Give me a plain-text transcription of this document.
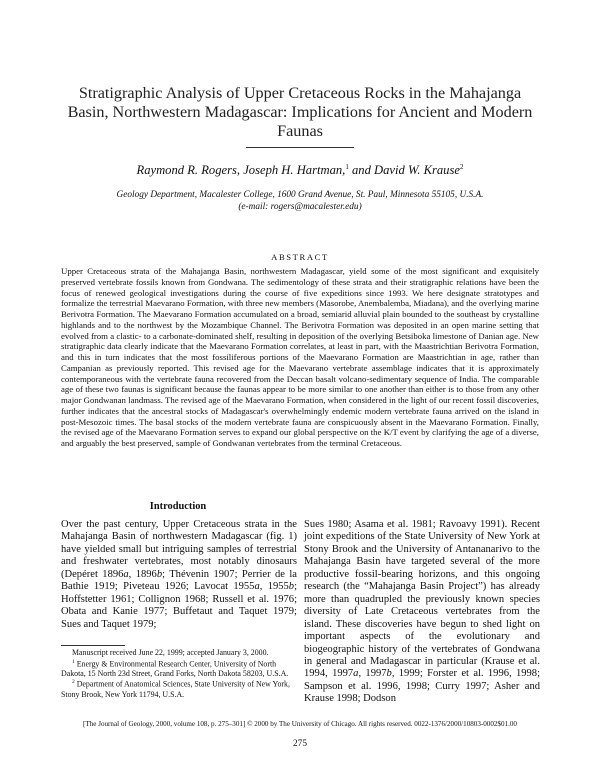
Stratigraphic Analysis of Upper Cretaceous Rocks in the Mahajanga Basin, Northwestern Madagascar: Implications for Ancient and Modern Faunas
Raymond R. Rogers, Joseph H. Hartman,$^1$ and David W. Krause$^2$
Geology Department, Macalester College, 1600 Grand Avenue, St. Paul, Minnesota 55105, U.S.A.
(e-mail: rogers@macalester.edu)
ABSTRACT
Upper Cretaceous strata of the Mahajanga Basin, northwestern Madagascar, yield some of the most significant and exquisitely preserved vertebrate fossils known from Gondwana. The sedimentology of these strata and their stratigraphic relations have been the focus of renewed geological investigations during the course of five expeditions since 1993. We here designate stratotypes and formalize the terrestrial Maevarano Formation, with three new members (Masorobe, Anembalemba, Miadana), and the overlying marine Berivotra Formation. The Maevarano Formation accumulated on a broad, semiarid alluvial plain bounded to the southeast by crystalline highlands and to the northwest by the Mozambique Channel. The Berivotra Formation was deposited in an open marine setting that evolved from a clastic- to a carbonate-dominated shelf, resulting in deposition of the overlying Betsiboka limestone of Danian age. New stratigraphic data clearly indicate that the Maevarano Formation correlates, at least in part, with the Maastrichtian Berivotra Formation, and this in turn indicates that the most fossiliferous portions of the Maevarano Formation are Maastrichtian in age, rather than Campanian as previously reported. This revised age for the Maevarano vertebrate assemblage indicates that it is approximately contemporaneous with the vertebrate fauna recovered from the Deccan basalt volcano-sedimentary sequence of India. The comparable age of these two faunas is significant because the faunas appear to be more similar to one another than either is to those from any other major Gondwanan landmass. The revised age of the Maevarano Formation, when considered in the light of our recent fossil discoveries, further indicates that the ancestral stocks of Madagascar's overwhelmingly endemic modern vertebrate fauna arrived on the island in post-Mesozoic times. The basal stocks of the modern vertebrate fauna are conspicuously absent in the Maevarano Formation. Finally, the revised age of the Maevarano Formation serves to expand our global perspective on the K/T event by clarifying the age of a diverse, and arguably the best preserved, sample of Gondwanan vertebrates from the terminal Cretaceous.
Introduction
Over the past century, Upper Cretaceous strata in the Mahajanga Basin of northwestern Madagascar (fig. 1) have yielded small but intriguing samples of terrestrial and freshwater vertebrates, most notably dinosaurs (Depéret 1896a, 1896b; Thévenin 1907; Perrier de la Bathie 1919; Piveteau 1926; Lavocat 1955a, 1955b; Hoffstetter 1961; Collignon 1968; Russell et al. 1976; Obata and Kanie 1977; Buffetaut and Taquet 1979; Sues and Taquet 1979;
Sues 1980; Asama et al. 1981; Ravoavy 1991). Recent joint expeditions of the State University of New York at Stony Brook and the University of Antananarivo to the Mahajanga Basin have targeted several of the more productive fossil-bearing horizons, and this ongoing research (the “Mahajanga Basin Project”) has already more than quadrupled the previously known species diversity of Late Cretaceous vertebrates from the island. These discoveries have begun to shed light on important aspects of the evolutionary and biogeographic history of the vertebrates of Gondwana in general and Madagascar in particular (Krause et al. 1994, 1997a, 1997b, 1999; Forster et al. 1996, 1998; Sampson et al. 1996, 1998; Curry 1997; Asher and Krause 1998; Dodson

Manuscript received June 22, 1999; accepted January 3, 2000.

$^1$ Energy & Environmental Research Center, University of North Dakota, 15 North 23d Street, Grand Forks, North Dakota 58203, U.S.A.

$^2$ Department of Anatomical Sciences, State University of New York, Stony Brook, New York 11794, U.S.A.

[The Journal of Geology, 2000, volume 108, p. 275–301] © 2000 by The University of Chicago. All rights reserved. 0022-1376/2000/10803-0002$01.00
275
